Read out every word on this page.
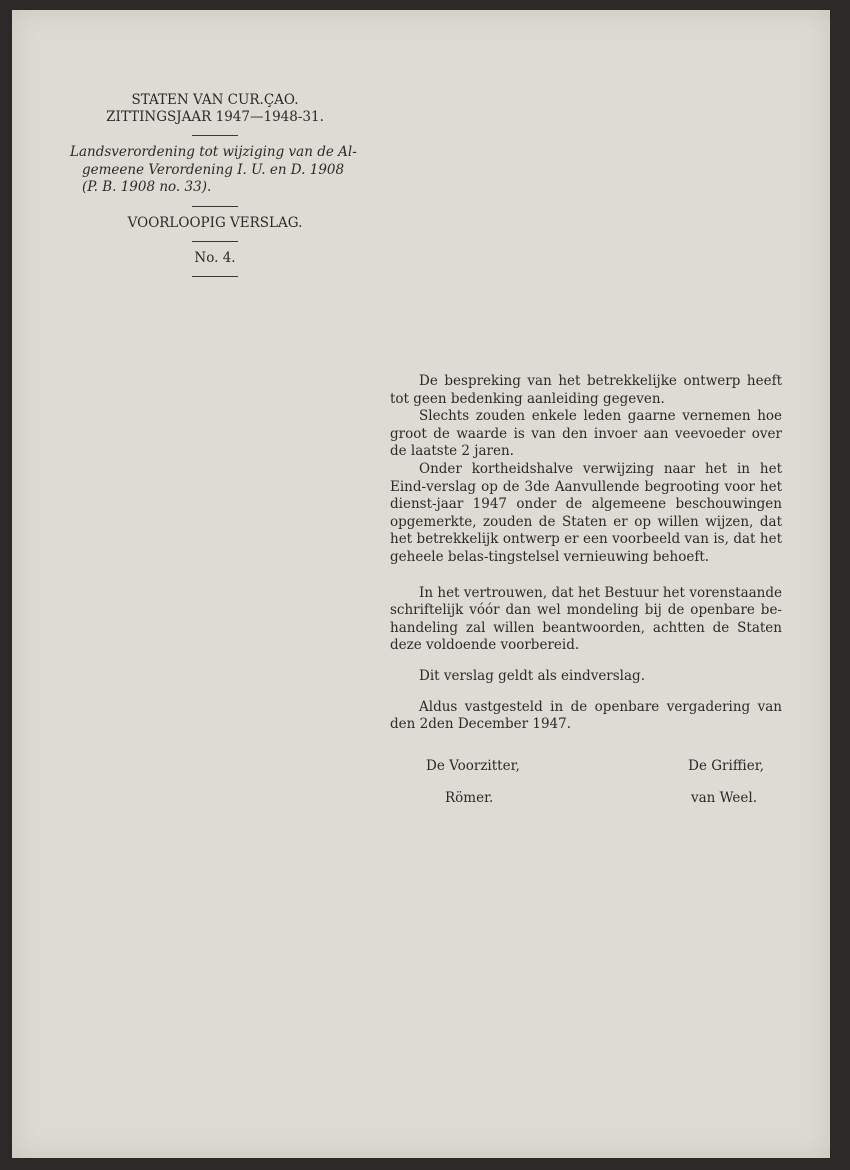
STATEN VAN CUR.ÇAO.
ZITTINGSJAAR 1947—1948-31.
Landsverordening tot wijziging van de Al-
gemeene Verordening I. U. en D. 1908
(P. B. 1908 no. 33).
VOORLOOPIG VERSLAG.
No. 4.

De bespreking van het betrekkelijke ontwerp heeft tot geen bedenking aanleiding gegeven.

Slechts zouden enkele leden gaarne vernemen hoe groot de waarde is van den invoer aan veevoeder over de laatste 2 jaren.

Onder kortheidshalve verwijzing naar het in het Eind-verslag op de 3de Aanvullende begrooting voor het dienst-jaar 1947 onder de algemeene beschouwingen opgemerkte, zouden de Staten er op willen wijzen, dat het betrekkelijk ontwerp er een voorbeeld van is, dat het geheele belas-tingstelsel vernieuwing behoeft.

In het vertrouwen, dat het Bestuur het vorenstaande schriftelijk vóór dan wel mondeling bij de openbare be-handeling zal willen beantwoorden, achtten de Staten deze voldoende voorbereid.

Dit verslag geldt als eindverslag.

Aldus vastgesteld in de openbare vergadering van den 2den December 1947.

De Voorzitter,	De Griffier,
Römer.	van Weel.
